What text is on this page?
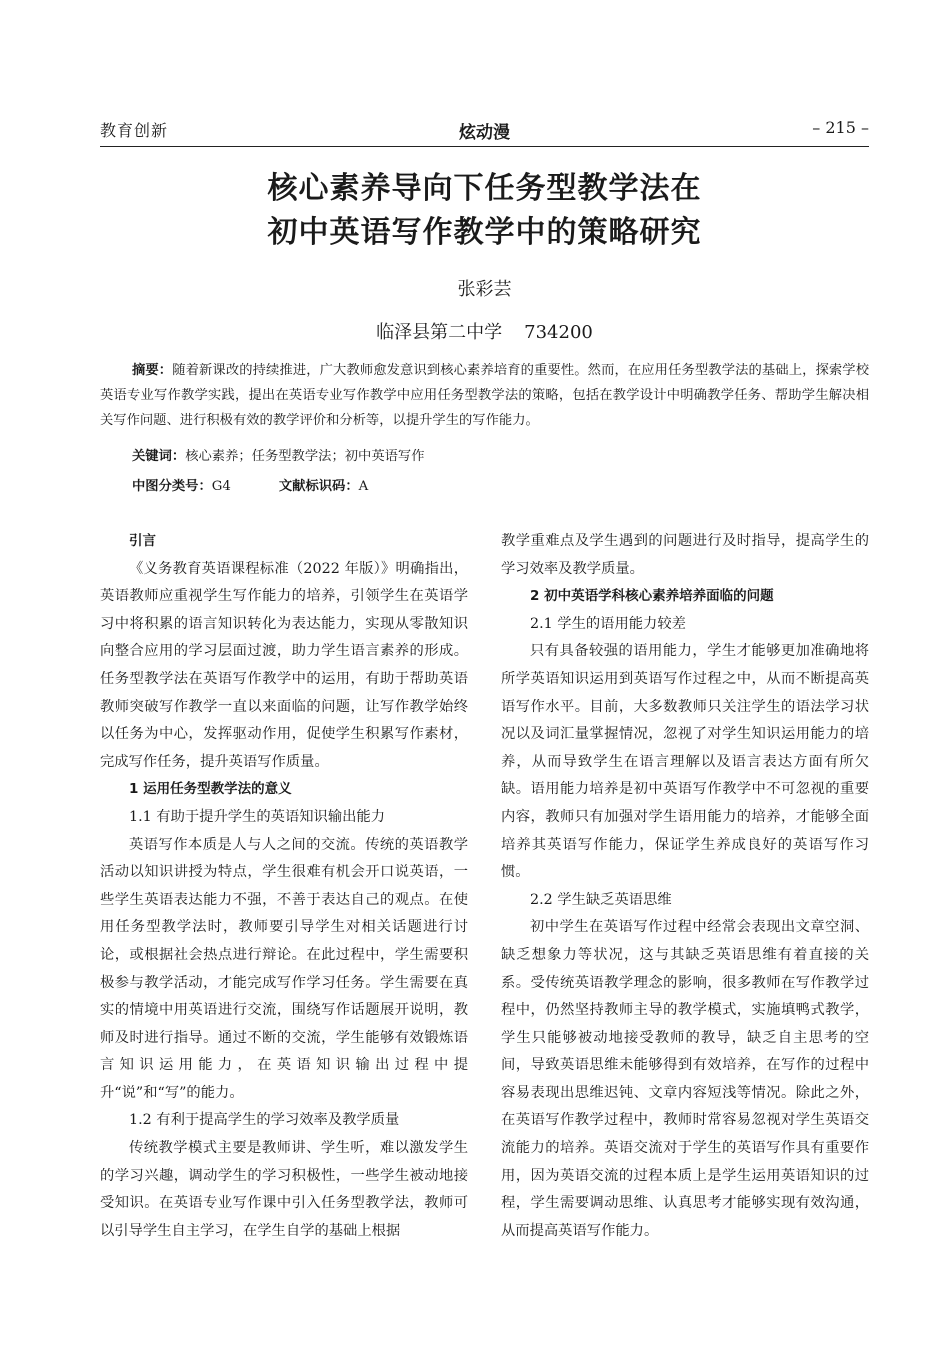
教育创新	炫动漫	– 215 –
核心素养导向下任务型教学法在
初中英语写作教学中的策略研究
张彩芸
临泽县第二中学 734200

摘要：随着新课改的持续推进，广大教师愈发意识到核心素养培育的重要性。然而，在应用任务型教学法的基础上，探索学校英语专业写作教学实践，提出在英语专业写作教学中应用任务型教学法的策略，包括在教学设计中明确教学任务、帮助学生解决相关写作问题、进行积极有效的教学评价和分析等，以提升学生的写作能力。

关键词：核心素养；任务型教学法；初中英语写作
中图分类号：G4	文献标识码：A

引言

《义务教育英语课程标准（2022 年版）》明确指出，英语教师应重视学生写作能力的培养，引领学生在英语学习中将积累的语言知识转化为表达能力，实现从零散知识向整合应用的学习层面过渡，助力学生语言素养的形成。任务型教学法在英语写作教学中的运用，有助于帮助英语教师突破写作教学一直以来面临的问题，让写作教学始终以任务为中心，发挥驱动作用，促使学生积累写作素材，完成写作任务，提升英语写作质量。

1 运用任务型教学法的意义

1.1 有助于提升学生的英语知识输出能力

英语写作本质是人与人之间的交流。传统的英语教学活动以知识讲授为特点，学生很难有机会开口说英语，一些学生英语表达能力不强，不善于表达自己的观点。在使用任务型教学法时，教师要引导学生对相关话题进行讨论，或根据社会热点进行辩论。在此过程中，学生需要积极参与教学活动，才能完成写作学习任务。学生需要在真实的情境中用英语进行交流，围绕写作话题展开说明，教师及时进行指导。通过不断的交流，学生能够有效锻炼语言知识运用能力，在英语知识输出过程中提升“说”和“写”的能力。

1.2 有利于提高学生的学习效率及教学质量

传统教学模式主要是教师讲、学生听，难以激发学生的学习兴趣，调动学生的学习积极性，一些学生被动地接受知识。在英语专业写作课中引入任务型教学法，教师可以引导学生自主学习，在学生自学的基础上根据

教学重难点及学生遇到的问题进行及时指导，提高学生的学习效率及教学质量。

2 初中英语学科核心素养培养面临的问题

2.1 学生的语用能力较差

只有具备较强的语用能力，学生才能够更加准确地将所学英语知识运用到英语写作过程之中，从而不断提高英语写作水平。目前，大多数教师只关注学生的语法学习状况以及词汇量掌握情况，忽视了对学生知识运用能力的培养，从而导致学生在语言理解以及语言表达方面有所欠缺。语用能力培养是初中英语写作教学中不可忽视的重要内容，教师只有加强对学生语用能力的培养，才能够全面培养其英语写作能力，保证学生养成良好的英语写作习惯。

2.2 学生缺乏英语思维

初中学生在英语写作过程中经常会表现出文章空洞、缺乏想象力等状况，这与其缺乏英语思维有着直接的关系。受传统英语教学理念的影响，很多教师在写作教学过程中，仍然坚持教师主导的教学模式，实施填鸭式教学，学生只能够被动地接受教师的教导，缺乏自主思考的空间，导致英语思维未能够得到有效培养，在写作的过程中容易表现出思维迟钝、文章内容短浅等情况。除此之外，在英语写作教学过程中，教师时常容易忽视对学生英语交流能力的培养。英语交流对于学生的英语写作具有重要作用，因为英语交流的过程本质上是学生运用英语知识的过程，学生需要调动思维、认真思考才能够实现有效沟通，从而提高英语写作能力。
